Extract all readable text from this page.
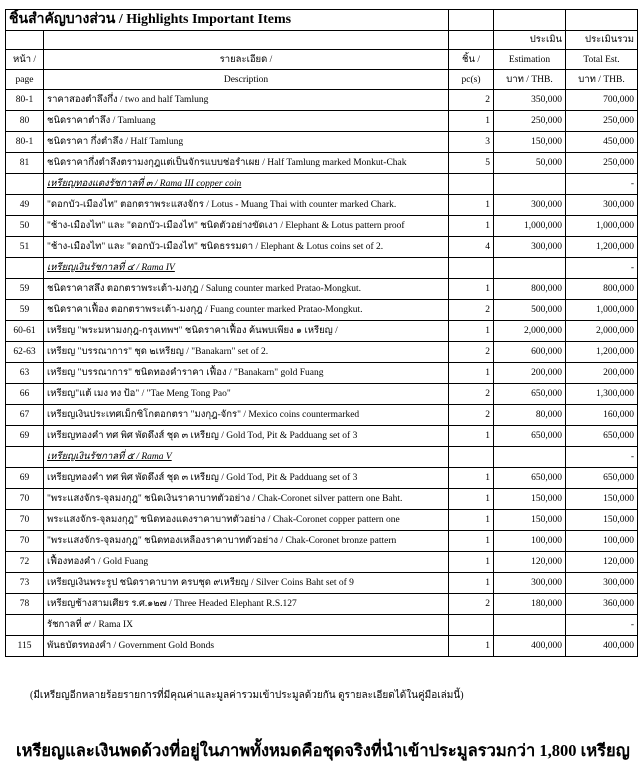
ชิ้นสำคัญบางส่วน / Highlights Important Items				
			ประเมิน	ประเมินรวม
หน้า /	รายละเอียด /	ชิ้น /	Estimation	Total Est.
page	Description	pc(s)	บาท / THB.	บาท / THB.
80-1	ราคาสองตำลึงกึ่ง / two and half Tamlung	2	350,000	700,000
80	ชนิดราคาตำลึง / Tamluang	1	250,000	250,000
80-1	ชนิดราคา กึ่งตำลึง / Half Tamlung	3	150,000	450,000
81	ชนิดราคากึ่งตำลึงตรามงกุฎแต่เป็นจักรแบบช่อรำเผย / Half Tamlung marked Monkut-Chak	5	50,000	250,000
	เหรียญทองแดงรัชกาลที่ ๓ / Rama III copper coin			-
49	"ดอกบัว-เมืองไท" ตอกตราพระแสงจักร / Lotus - Muang Thai with counter marked Chark.	1	300,000	300,000
50	"ช้าง-เมืองไท" และ "ดอกบัว-เมืองไท" ชนิดตัวอย่างขัดเงา / Elephant & Lotus pattern proof	1	1,000,000	1,000,000
51	"ช้าง-เมืองไท" และ "ดอกบัว-เมืองไท" ชนิดธรรมดา / Elephant & Lotus coins set of 2.	4	300,000	1,200,000
	เหรียญเงินรัชกาลที่ ๔ / Rama IV			-
59	ชนิดราคาสลึง ตอกตราพระเต้า-มงกุฎ / Salung counter marked Pratao-Mongkut.	1	800,000	800,000
59	ชนิดราคาเฟื้อง ตอกตราพระเต้า-มงกุฎ / Fuang counter marked Pratao-Mongkut.	2	500,000	1,000,000
60-61	เหรียญ "พระมหามงกุฎ-กรุงเทพฯ" ชนิดราคาเฟื้อง ค้นพบเพียง ๑ เหรียญ /	1	2,000,000	2,000,000
62-63	เหรียญ "บรรณาการ" ชุด ๒เหรียญ / "Banakarn" set of 2.	2	600,000	1,200,000
63	เหรียญ "บรรณาการ" ชนิดทองคำราคา เฟื้อง / "Banakarn" gold Fuang	1	200,000	200,000
66	เหรียญ"แต้ เมง ทง ป้อ" / "Tae Meng Tong Pao"	2	650,000	1,300,000
67	เหรียญเงินประเทศเม็กซิโกตอกตรา "มงกุฎ-จักร" / Mexico coins countermarked	2	80,000	160,000
69	เหรียญทองคำ ทศ พิศ พัดดึงส์ ชุด ๓ เหรียญ / Gold Tod, Pit & Padduang set of 3	1	650,000	650,000
	เหรียญเงินรัชกาลที่ ๕ / Rama V			-
69	เหรียญทองคำ ทศ พิศ พัดดึงส์ ชุด ๓ เหรียญ / Gold Tod, Pit & Padduang set of 3	1	650,000	650,000
70	"พระแสงจักร-จุลมงกุฎ" ชนิดเงินราคาบาทตัวอย่าง / Chak-Coronet silver pattern one Baht.	1	150,000	150,000
70	พระแสงจักร-จุลมงกุฎ" ชนิดทองแดงราคาบาทตัวอย่าง / Chak-Coronet copper pattern one	1	150,000	150,000
70	"พระแสงจักร-จุลมงกุฎ" ชนิดทองเหลืองราคาบาทตัวอย่าง / Chak-Coronet bronze pattern	1	100,000	100,000
72	เฟื้องทองคำ / Gold Fuang	1	120,000	120,000
73	เหรียญเงินพระรูป ชนิดราคาบาท ครบชุด ๙เหรียญ / Silver Coins Baht set of 9	1	300,000	300,000
78	เหรียญช้างสามเศียร ร.ศ.๑๒๗ / Three Headed Elephant R.S.127	2	180,000	360,000
	รัชกาลที่ ๙ / Rama IX			-
115	พันธบัตรทองคำ / Government Gold Bonds	1	400,000	400,000
(มีเหรียญอีกหลายร้อยรายการที่มีคุณค่าและมูลค่ารวมเข้าประมูลด้วยกัน ดูรายละเอียดได้ในคู่มือเล่มนี้)
เหรียญและเงินพดด้วงที่อยู่ในภาพทั้งหมดคือชุดจริงที่นำเข้าประมูลรวมกว่า 1,800 เหรียญ
